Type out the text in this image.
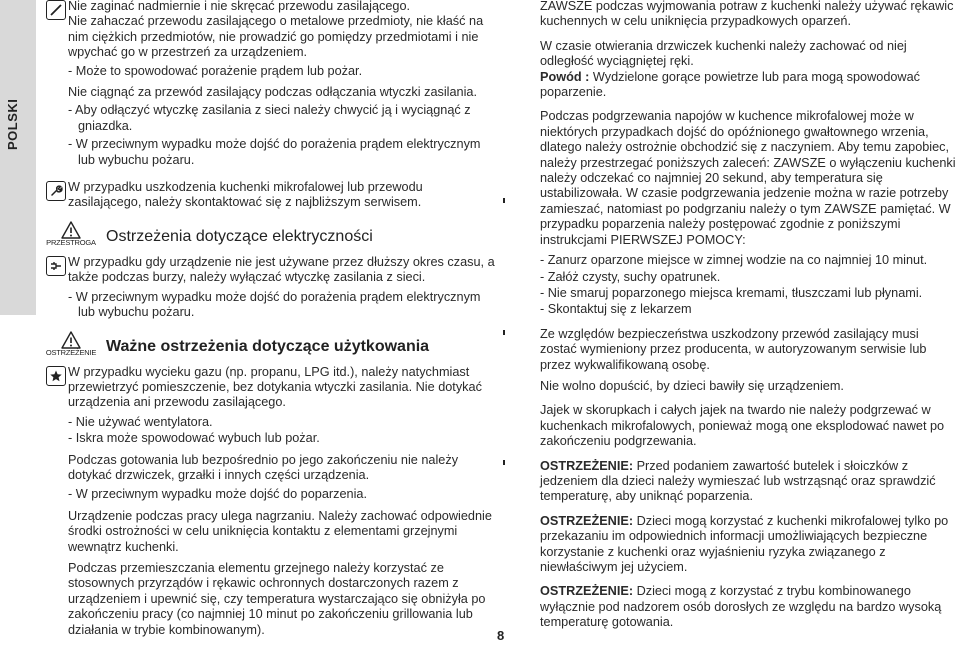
POLSKI

Nie zaginać nadmiernie i nie skręcać przewodu zasilającego.

Nie zahaczać przewodu zasilającego o metalowe przedmioty, nie kłaść na nim ciężkich przedmiotów, nie prowadzić go pomiędzy przedmiotami i nie wpychać go w przestrzeń za urządzeniem.

- Może to spowodować porażenie prądem lub pożar.

Nie ciągnąć za przewód zasilający podczas odłączania wtyczki zasilania.

- Aby odłączyć wtyczkę zasilania z sieci należy chwycić ją i wyciągnąć z gniazdka.

- W przeciwnym wypadku może dojść do porażenia prądem elektrycznym lub wybuchu pożaru.

W przypadku uszkodzenia kuchenki mikrofalowej lub przewodu zasilającego, należy skontaktować się z najbliższym serwisem.

PRZESTROGA Ostrzeżenia dotyczące elektryczności

W przypadku gdy urządzenie nie jest używane przez dłuższy okres czasu, a także podczas burzy, należy wyłączać wtyczkę zasilania z sieci.

- W przeciwnym wypadku może dojść do porażenia prądem elektrycznym lub wybuchu pożaru.

OSTRZEŻENIE Ważne ostrzeżenia dotyczące użytkowania

W przypadku wycieku gazu (np. propanu, LPG itd.), należy natychmiast przewietrzyć pomieszczenie, bez dotykania wtyczki zasilania. Nie dotykać urządzenia ani przewodu zasilającego.

- Nie używać wentylatora.

- Iskra może spowodować wybuch lub pożar.

Podczas gotowania lub bezpośrednio po jego zakończeniu nie należy dotykać drzwiczek, grzałki i innych części urządzenia.

- W przeciwnym wypadku może dojść do poparzenia.

Urządzenie podczas pracy ulega nagrzaniu. Należy zachować odpowiednie środki ostrożności w celu uniknięcia kontaktu z elementami grzejnymi wewnątrz kuchenki.

Podczas przemieszczania elementu grzejnego należy korzystać ze stosownych przyrządów i rękawic ochronnych dostarczonych razem z urządzeniem i upewnić się, czy temperatura wystarczająco się obniżyła po zakończeniu pracy (co najmniej 10 minut po zakończeniu grillowania lub działania w trybie kombinowanym).	8

ZAWSZE podczas wyjmowania potraw z kuchenki należy używać rękawic kuchennych w celu uniknięcia przypadkowych oparzeń.

W czasie otwierania drzwiczek kuchenki należy zachować od niej odległość wyciągniętej ręki.

Powód : Wydzielone gorące powietrze lub para mogą spowodować poparzenie.

Podczas podgrzewania napojów w kuchence mikrofalowej może w niektórych przypadkach dojść do opóźnionego gwałtownego wrzenia, dlatego należy ostrożnie obchodzić się z naczyniem. Aby temu zapobiec, należy przestrzegać poniższych zaleceń: ZAWSZE o wyłączeniu kuchenki należy odczekać co najmniej 20 sekund, aby temperatura się ustabilizowała. W czasie podgrzewania jedzenie można w razie potrzeby zamieszać, natomiast po podgrzaniu należy o tym ZAWSZE pamiętać. W przypadku poparzenia należy postępować zgodnie z poniższymi instrukcjami PIERWSZEJ POMOCY:

- Zanurz oparzone miejsce w zimnej wodzie na co najmniej 10 minut.

- Załóż czysty, suchy opatrunek.

- Nie smaruj poparzonego miejsca kremami, tłuszczami lub płynami.

- Skontaktuj się z lekarzem

Ze względów bezpieczeństwa uszkodzony przewód zasilający musi zostać wymieniony przez producenta, w autoryzowanym serwisie lub przez wykwalifikowaną osobę.

Nie wolno dopuścić, by dzieci bawiły się urządzeniem.

Jajek w skorupkach i całych jajek na twardo nie należy podgrzewać w kuchenkach mikrofalowych, ponieważ mogą one eksplodować nawet po zakończeniu podgrzewania.

OSTRZEŻENIE: Przed podaniem zawartość butelek i słoiczków z jedzeniem dla dzieci należy wymieszać lub wstrząsnąć oraz sprawdzić temperaturę, aby uniknąć poparzenia.

OSTRZEŻENIE: Dzieci mogą korzystać z kuchenki mikrofalowej tylko po przekazaniu im odpowiednich informacji umożliwiających bezpieczne korzystanie z kuchenki oraz wyjaśnieniu ryzyka związanego z niewłaściwym jej użyciem.

OSTRZEŻENIE: Dzieci mogą z korzystać z trybu kombinowanego wyłącznie pod nadzorem osób dorosłych ze względu na bardzo wysoką temperaturę gotowania.
